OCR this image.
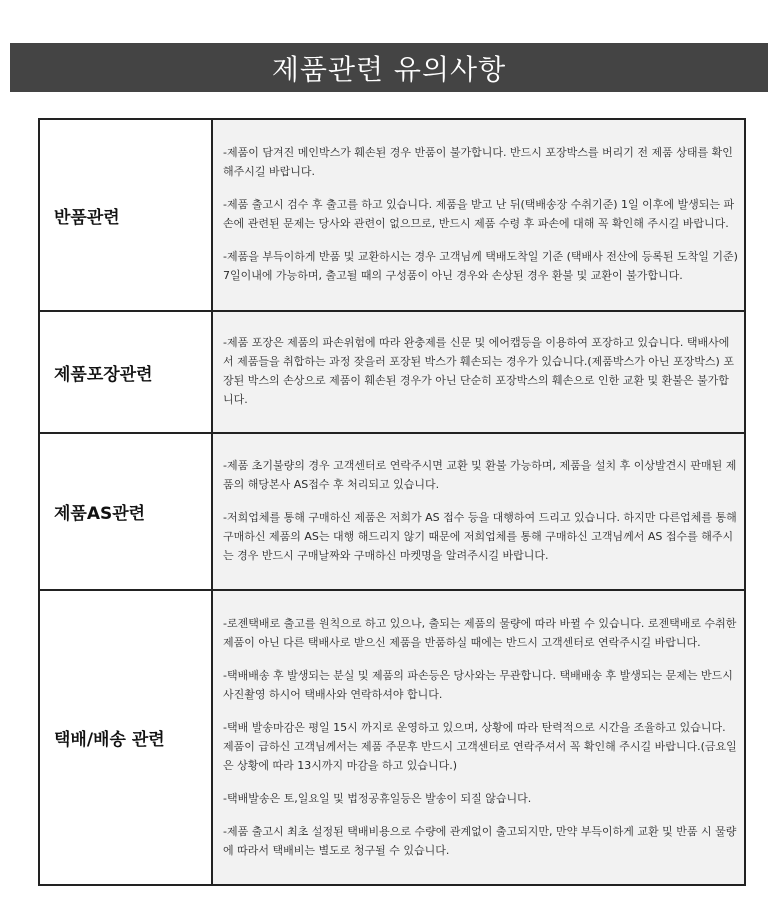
제품관련 유의사항
반품관련	-제품이 담겨진 메인박스가 훼손된 경우 반품이 불가합니다. 반드시 포장박스를 버리기 전 제품 상태를 확인 해주시길 바랍니다.

-제품 출고시 검수 후 출고를 하고 있습니다. 제품을 받고 난 뒤(택배송장 수취기준) 1일 이후에 발생되는 파손에 관련된 문제는 당사와 관련이 없으므로, 반드시 제품 수령 후 파손에 대해 꼭 확인해 주시길 바랍니다.

-제품을 부득이하게 반품 및 교환하시는 경우 고객님께 택배도착일 기준 (택배사 전산에 등록된 도착일 기준) 7일이내에 가능하며, 출고될 때의 구성품이 아닌 경우와 손상된 경우 환불 및 교환이 불가합니다.

제품포장관련	-제품 포장은 제품의 파손위험에 따라 완충제를 신문 및 에어캡등을 이용하여 포장하고 있습니다. 택배사에서 제품들을 취합하는 과정 잦을러 포장된 박스가 훼손되는 경우가 있습니다.(제품박스가 아닌 포장박스) 포장된 박스의 손상으로 제품이 훼손된 경우가 아닌 단순히 포장박스의 훼손으로 인한 교환 및 환불은 불가합니다.

제품AS관련	-제품 초기불량의 경우 고객센터로 연락주시면 교환 및 환불 가능하며, 제품을 설치 후 이상발견시 판매된 제품의 해당본사 AS접수 후 처리되고 있습니다.

-저희업체를 통해 구매하신 제품은 저희가 AS 접수 등을 대행하여 드리고 있습니다. 하지만 다른업체를 통해 구매하신 제품의 AS는 대행 해드리지 않기 때문에 저희업체를 통해 구매하신 고객님께서 AS 접수를 해주시는 경우 반드시 구매날짜와 구매하신 마켓명을 알려주시길 바랍니다.

택배/배송 관련	-로젠택배로 출고를 원칙으로 하고 있으나, 출되는 제품의 물량에 따라 바뀔 수 있습니다. 로젠택배로 수취한 제품이 아닌 다른 택배사로 받으신 제품을 반품하실 때에는 반드시 고객센터로 연락주시길 바랍니다.

-택배배송 후 발생되는 분실 및 제품의 파손등은 당사와는 무관합니다. 택배배송 후 발생되는 문제는 반드시 사진촬영 하시어 택배사와 연락하셔야 합니다.

-택배 발송마감은 평일 15시 까지로 운영하고 있으며, 상황에 따라 탄력적으로 시간을 조율하고 있습니다. 제품이 급하신 고객님께서는 제품 주문후 반드시 고객센터로 연락주셔서 꼭 확인해 주시길 바랍니다.(금요일은 상황에 따라 13시까지 마감을 하고 있습니다.)

-택배발송은 토,일요일 및 법정공휴일등은 발송이 되질 않습니다.

-제품 출고시 최초 설정된 택배비용으로 수량에 관계없이 출고되지만, 만약 부득이하게 교환 및 반품 시 물량에 따라서 택배비는 별도로 청구될 수 있습니다.
